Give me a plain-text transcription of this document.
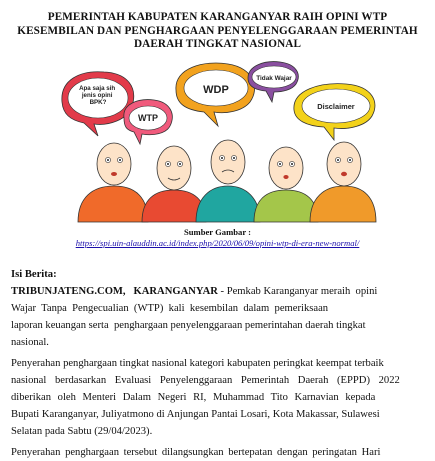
PEMERINTAH KABUPATEN KARANGANYAR RAIH OPINI WTP
KESEMBILAN DAN PENGHARGAAN PENYELENGGARAAN PEMERINTAH
DAERAH TINGKAT NASIONAL
Apa saja sih jenis opini BPK?
WTP
WDP
Tidak Wajar
Disclaimer
Sumber Gambar :
https://spi.uin-alauddin.ac.id/index.php/2020/06/09/opini-wtp-di-era-new-normal/
Isi Berita:
TRIBUNJATENG.COM,   KARANGANYAR - Pemkab Karanganyar meraih  opini
Wajar  Tanpa  Pengecualian  (WTP)  kali  kesembilan  dalam  pemeriksaan
laporan keuangan serta  penghargaan penyelenggaraan pemerintahan daerah tingkat
nasional.
Penyerahan penghargaan tingkat nasional kategori kabupaten peringkat keempat terbaik
nasional berdasarkan Evaluasi Penyelenggaraan Pemerintah Daerah (EPPD) 2022
diberikan oleh Menteri Dalam Negeri RI, Muhammad Tito Karnavian kepada
Bupati Karanganyar, Juliyatmono di Anjungan Pantai Losari, Kota Makassar, Sulawesi
Selatan pada Sabtu (29/04/2023).
Penyerahan penghargaan tersebut dilangsungkan bertepatan dengan peringatan Hari
